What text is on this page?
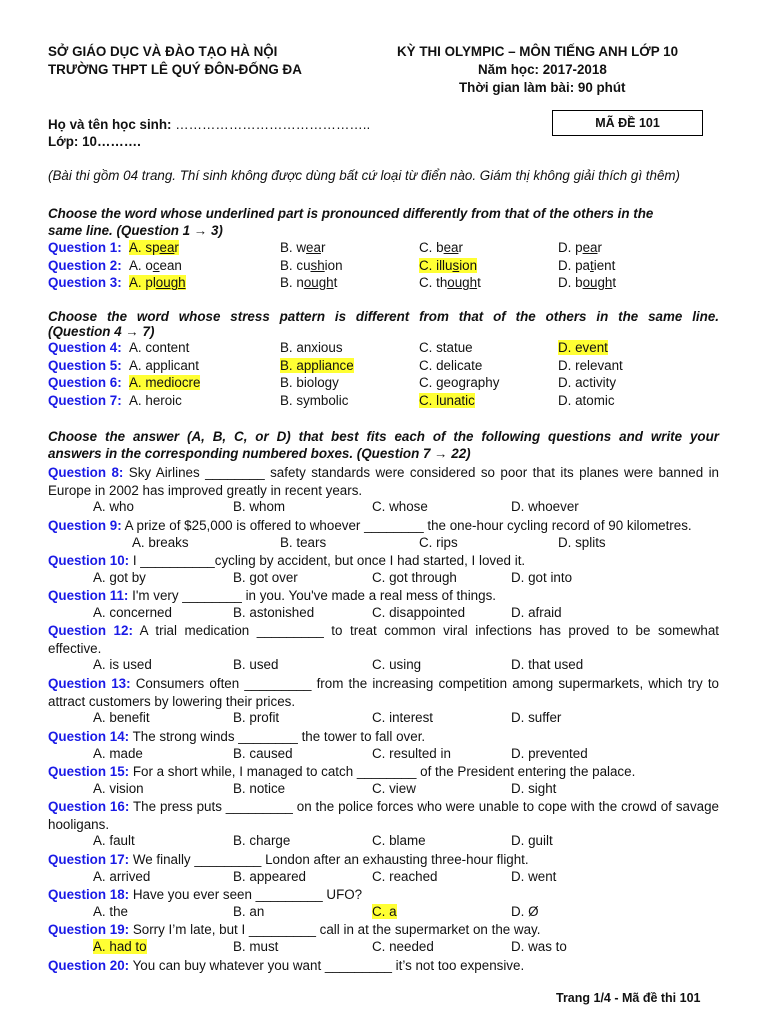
SỞ GIÁO DỤC VÀ ĐÀO TẠO HÀ NỘI
TRƯỜNG THPT LÊ QUÝ ĐÔN-ĐỐNG ĐA
KỲ THI OLYMPIC – MÔN TIẾNG ANH LỚP 10
Năm học: 2017-2018
Thời gian làm bài: 90 phút
Họ và tên học sinh: ……………………………………..
Lớp: 10……….
MÃ ĐỀ 101
(Bài thi gồm 04 trang. Thí sinh không được dùng bất cứ loại từ điển nào. Giám thị không giải thích gì thêm)
Choose the word whose underlined part is pronounced differently from that of the others in the
same line. (Question 1 → 3)
Question 1: A. spear	B. wear	C. bear	D. pear
Question 2: A. ocean	B. cushion	C. illusion	D. patient
Question 3: A. plough	B. nought	C. thought	D. bought
Choose the word whose stress pattern is different from that of the others in the same line.
(Question 4 → 7)
Question 4: A. content	B. anxious	C. statue	D. event
Question 5: A. applicant	B. appliance	C. delicate	D. relevant
Question 6: A. mediocre	B. biology	C. geography	D. activity
Question 7: A. heroic	B. symbolic	C. lunatic	D. atomic
Choose the answer (A, B, C, or D) that best fits each of the following questions and write your
answers in the corresponding numbered boxes. (Question 7 → 22)
Question 8: Sky Airlines ________ safety standards were considered so poor that its planes were banned in Europe in 2002 has improved greatly in recent years.
A. who	B. whom	C. whose	D. whoever
Question 9: A prize of $25,000 is offered to whoever ________ the one-hour cycling record of 90 kilometres.
A. breaks	B. tears	C. rips	D. splits
Question 10: I __________cycling by accident, but once I had started, I loved it.
A. got by	B. got over	C. got through	D. got into
Question 11: I'm very ________ in you. You've made a real mess of things.
A. concerned	B. astonished	C. disappointed	D. afraid
Question 12: A trial medication _________ to treat common viral infections has proved to be somewhat effective.
A. is used	B. used	C. using	D. that used
Question 13: Consumers often _________ from the increasing competition among supermarkets, which try to attract customers by lowering their prices.
A. benefit	B. profit	C. interest	D. suffer
Question 14: The strong winds ________ the tower to fall over.
A. made	B. caused	C. resulted in	D. prevented
Question 15: For a short while, I managed to catch ________ of the President entering the palace.
A. vision	B. notice	C. view	D. sight
Question 16: The press puts _________ on the police forces who were unable to cope with the crowd of savage hooligans.
A. fault	B. charge	C. blame	D. guilt
Question 17: We finally _________ London after an exhausting three-hour flight.
A. arrived	B. appeared	C. reached	D. went
Question 18: Have you ever seen _________ UFO?
A. the	B. an	C. a	D. Ø
Question 19: Sorry I’m late, but I _________ call in at the supermarket on the way.
A. had to	B. must	C. needed	D. was to
Question 20: You can buy whatever you want _________ it’s not too expensive.
Trang 1/4 - Mã đề thi 101
